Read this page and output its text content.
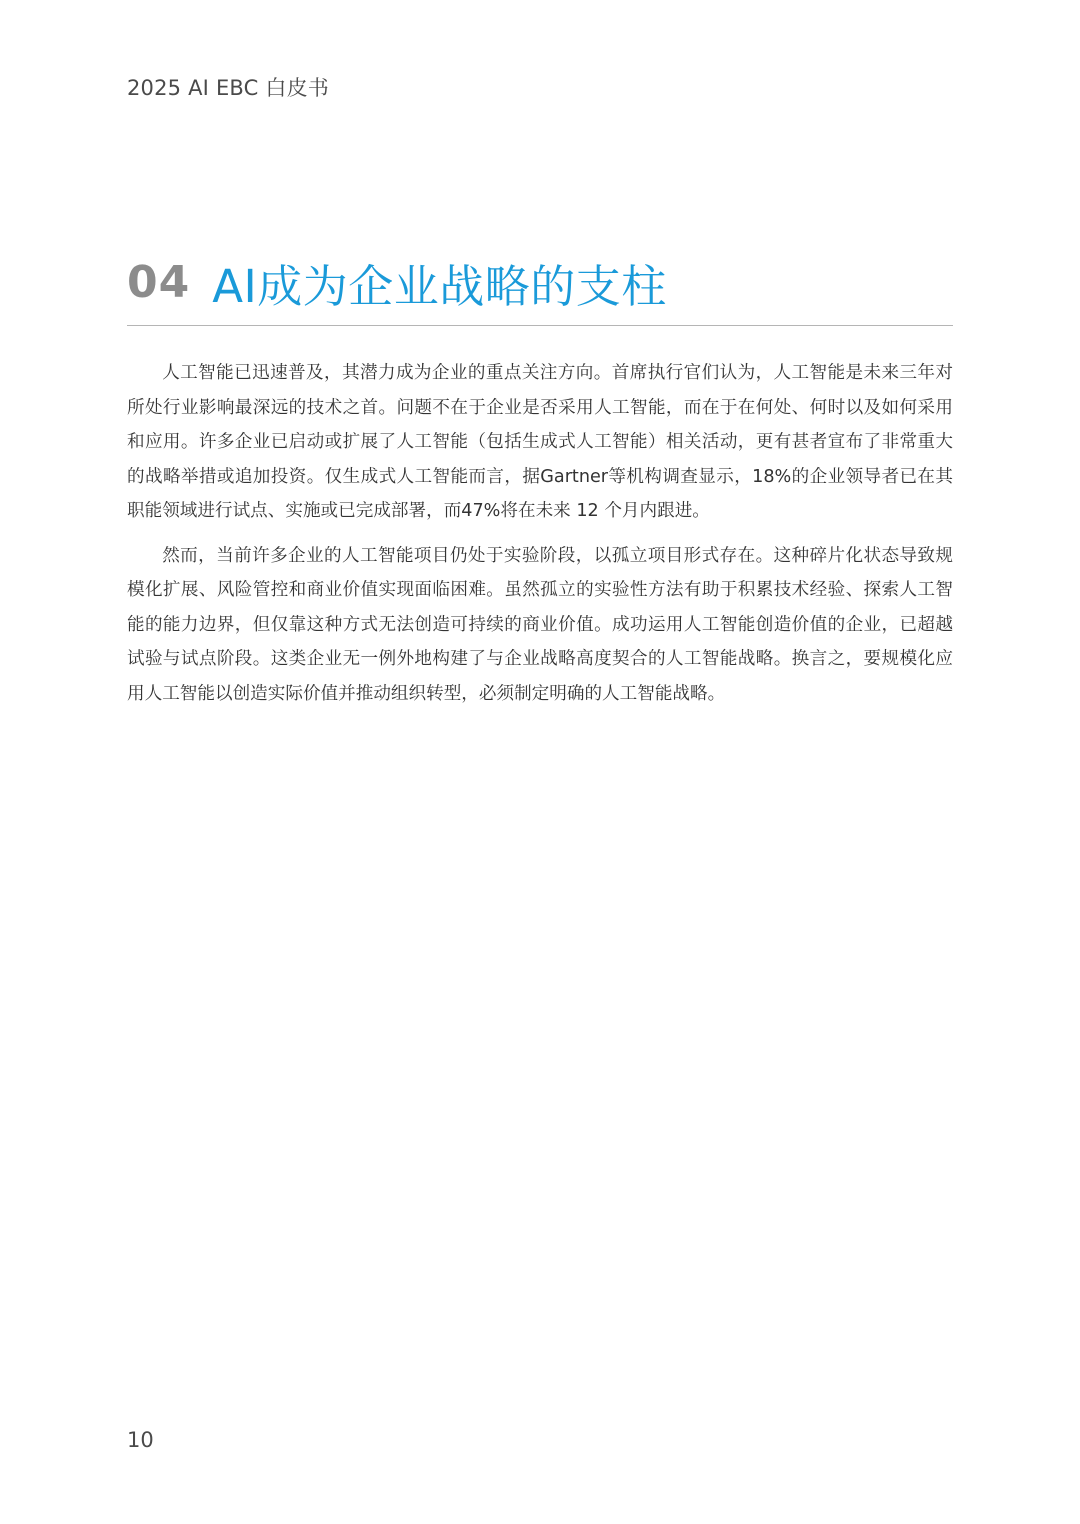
2025 AI EBC 白皮书
04 AI成为企业战略的支柱

人工智能已迅速普及，其潜力成为企业的重点关注方向。首席执行官们认为，人工智能是未来三年对所处行业影响最深远的技术之首。问题不在于企业是否采用人工智能，而在于在何处、何时以及如何采用和应用。许多企业已启动或扩展了人工智能（包括生成式人工智能）相关活动，更有甚者宣布了非常重大的战略举措或追加投资。仅生成式人工智能而言，据Gartner等机构调查显示，18%的企业领导者已在其职能领域进行试点、实施或已完成部署，而47%将在未来 12 个月内跟进。

然而，当前许多企业的人工智能项目仍处于实验阶段，以孤立项目形式存在。这种碎片化状态导致规模化扩展、风险管控和商业价值实现面临困难。虽然孤立的实验性方法有助于积累技术经验、探索人工智能的能力边界，但仅靠这种方式无法创造可持续的商业价值。成功运用人工智能创造价值的企业，已超越试验与试点阶段。这类企业无一例外地构建了与企业战略高度契合的人工智能战略。换言之，要规模化应用人工智能以创造实际价值并推动组织转型，必须制定明确的人工智能战略。

10
